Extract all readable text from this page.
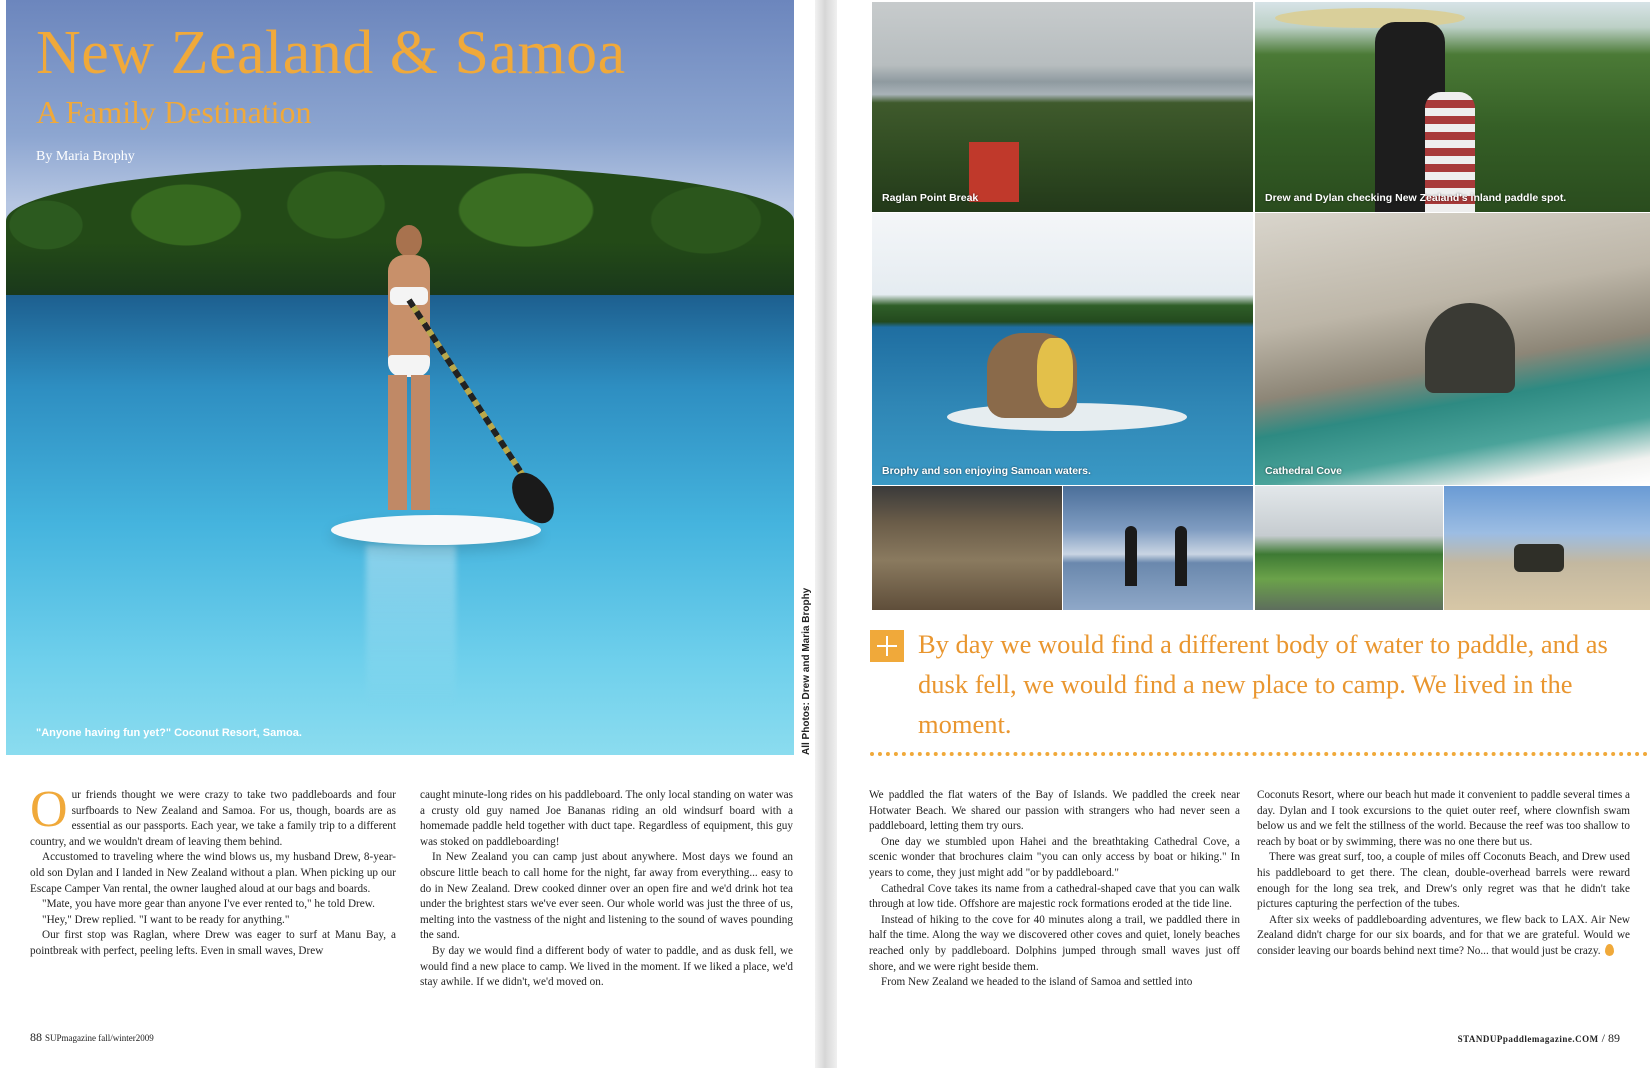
New Zealand & Samoa
A Family Destination
By Maria Brophy
"Anyone having fun yet?" Coconut Resort, Samoa.	All Photos: Drew and Maria Brophy

Our friends thought we were crazy to take two paddleboards and four surfboards to New Zealand and Samoa. For us, though, boards are as essential as our passports. Each year, we take a family trip to a different country, and we wouldn't dream of leaving them behind.

Accustomed to traveling where the wind blows us, my husband Drew, 8-year-old son Dylan and I landed in New Zealand without a plan. When picking up our Escape Camper Van rental, the owner laughed aloud at our bags and boards.

"Mate, you have more gear than anyone I've ever rented to," he told Drew.

"Hey," Drew replied. "I want to be ready for anything."

Our first stop was Raglan, where Drew was eager to surf at Manu Bay, a pointbreak with perfect, peeling lefts. Even in small waves, Drew

caught minute-long rides on his paddleboard. The only local standing on water was a crusty old guy named Joe Bananas riding an old windsurf board with a homemade paddle held together with duct tape. Regardless of equipment, this guy was stoked on paddleboarding!

In New Zealand you can camp just about anywhere. Most days we found an obscure little beach to call home for the night, far away from everything... easy to do in New Zealand. Drew cooked dinner over an open fire and we'd drink hot tea under the brightest stars we've ever seen. Our whole world was just the three of us, melting into the vastness of the night and listening to the sound of waves pounding the sand.

By day we would find a different body of water to paddle, and as dusk fell, we would find a new place to camp. We lived in the moment. If we liked a place, we'd stay awhile. If we didn't, we'd moved on.

88 SUPmagazine fall/winter2009
Raglan Point Break	Drew and Dylan checking New Zealand's inland paddle spot.
Brophy and son enjoying Samoan waters.	Cathedral Cove
By day we would find a different body of water to paddle, and as dusk fell, we would find a new place to camp. We lived in the moment.

We paddled the flat waters of the Bay of Islands. We paddled the creek near Hotwater Beach. We shared our passion with strangers who had never seen a paddleboard, letting them try ours.

One day we stumbled upon Hahei and the breathtaking Cathedral Cove, a scenic wonder that brochures claim "you can only access by boat or hiking." In years to come, they just might add "or by paddleboard."

Cathedral Cove takes its name from a cathedral-shaped cave that you can walk through at low tide. Offshore are majestic rock formations eroded at the tide line.

Instead of hiking to the cove for 40 minutes along a trail, we paddled there in half the time. Along the way we discovered other coves and quiet, lonely beaches reached only by paddleboard. Dolphins jumped through small waves just off shore, and we were right beside them.

From New Zealand we headed to the island of Samoa and settled into

Coconuts Resort, where our beach hut made it convenient to paddle several times a day. Dylan and I took excursions to the quiet outer reef, where clownfish swam below us and we felt the stillness of the world. Because the reef was too shallow to reach by boat or by swimming, there was no one there but us.

There was great surf, too, a couple of miles off Coconuts Beach, and Drew used his paddleboard to get there. The clean, double-overhead barrels were reward enough for the long sea trek, and Drew's only regret was that he didn't take pictures capturing the perfection of the tubes.

After six weeks of paddleboarding adventures, we flew back to LAX. Air New Zealand didn't charge for our six boards, and for that we are grateful. Would we consider leaving our boards behind next time? No... that would just be crazy.

STANDUPpaddlemagazine.COM / 89
